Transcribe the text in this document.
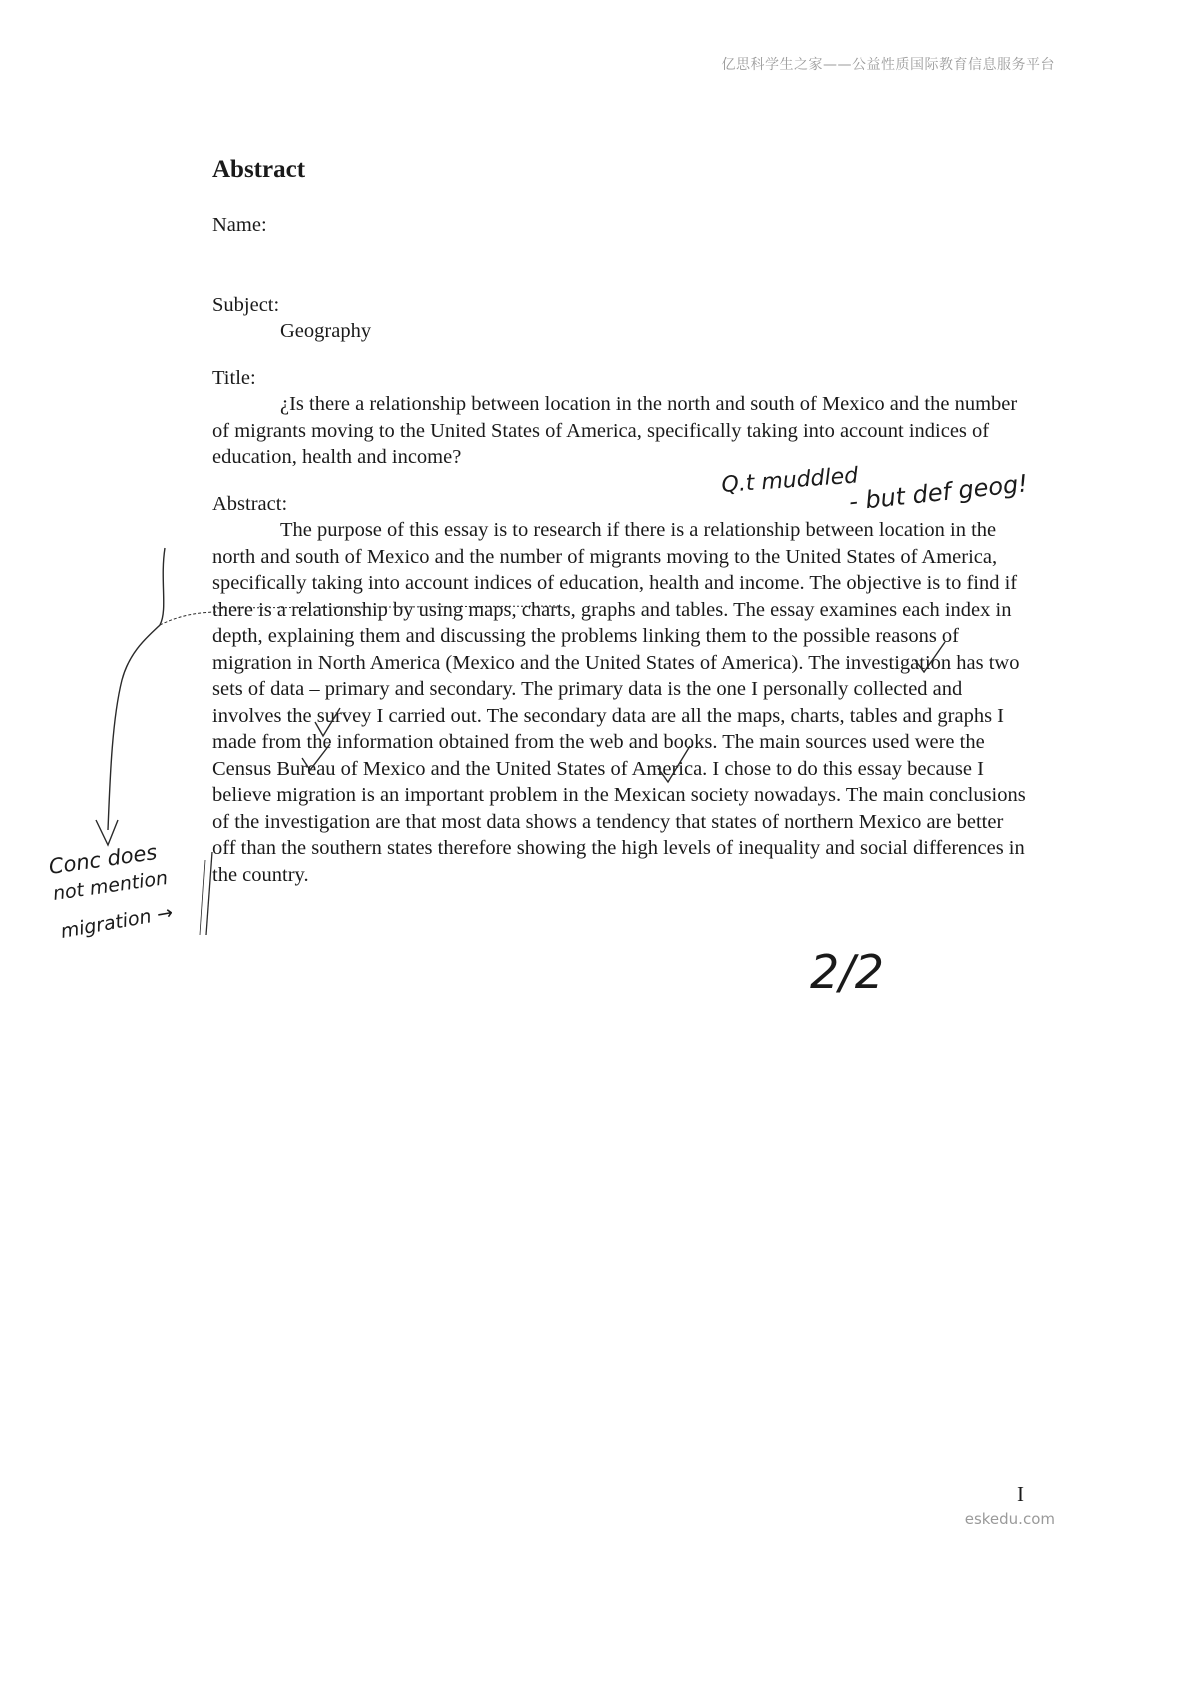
亿思科学生之家——公益性质国际教育信息服务平台
Abstract

Name:

Subject:

Geography

Title:

¿Is there a relationship between location in the north and south of Mexico and the number of migrants moving to the United States of America, specifically taking into account indices of education, health and income?

Abstract:

The purpose of this essay is to research if there is a relationship between location in the north and south of Mexico and the number of migrants moving to the United States of America, specifically taking into account indices of education, health and income. The objective is to find if there is a relationship by using maps, charts, graphs and tables. The essay examines each index in depth, explaining them and discussing the problems linking them to the possible reasons of migration in North America (Mexico and the United States of America). The investigation has two sets of data – primary and secondary. The primary data is the one I personally collected and involves the survey I carried out. The secondary data are all the maps, charts, tables and graphs I made from the information obtained from the web and books. The main sources used were the Census Bureau of Mexico and the United States of America. I chose to do this essay because I believe migration is an important problem in the Mexican society nowadays. The main conclusions of the investigation are that most data shows a tendency that states of northern Mexico are better off than the southern states therefore showing the high levels of inequality and social differences in the country.

I
eskedu.com
Q.t muddled
- but def geog!
Conc does
not mention
migration →
2/2
